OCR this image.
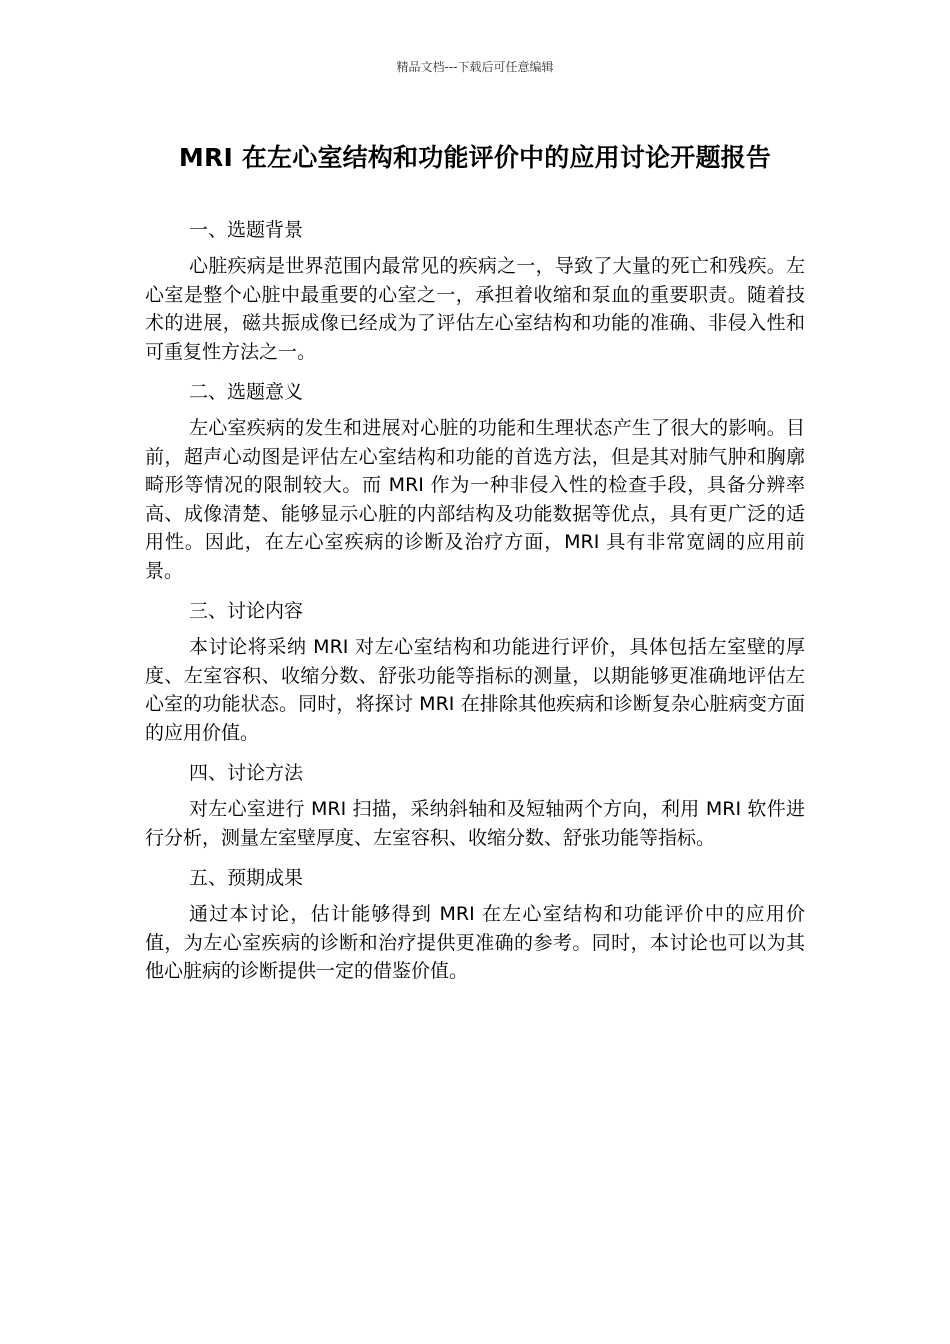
精品文档---下载后可任意编辑
MRI 在左心室结构和功能评价中的应用讨论开题报告
一、选题背景

心脏疾病是世界范围内最常见的疾病之一，导致了大量的死亡和残疾。左心室是整个心脏中最重要的心室之一，承担着收缩和泵血的重要职责。随着技术的进展，磁共振成像已经成为了评估左心室结构和功能的准确、非侵入性和可重复性方法之一。

二、选题意义

左心室疾病的发生和进展对心脏的功能和生理状态产生了很大的影响。目前，超声心动图是评估左心室结构和功能的首选方法，但是其对肺气肿和胸廓畸形等情况的限制较大。而 MRI 作为一种非侵入性的检查手段，具备分辨率高、成像清楚、能够显示心脏的内部结构及功能数据等优点，具有更广泛的适用性。因此，在左心室疾病的诊断及治疗方面，MRI 具有非常宽阔的应用前景。

三、讨论内容

本讨论将采纳 MRI 对左心室结构和功能进行评价，具体包括左室壁的厚度、左室容积、收缩分数、舒张功能等指标的测量，以期能够更准确地评估左心室的功能状态。同时，将探讨 MRI 在排除其他疾病和诊断复杂心脏病变方面的应用价值。

四、讨论方法

对左心室进行 MRI 扫描，采纳斜轴和及短轴两个方向，利用 MRI 软件进行分析，测量左室壁厚度、左室容积、收缩分数、舒张功能等指标。

五、预期成果

通过本讨论，估计能够得到 MRI 在左心室结构和功能评价中的应用价值，为左心室疾病的诊断和治疗提供更准确的参考。同时，本讨论也可以为其他心脏病的诊断提供一定的借鉴价值。
